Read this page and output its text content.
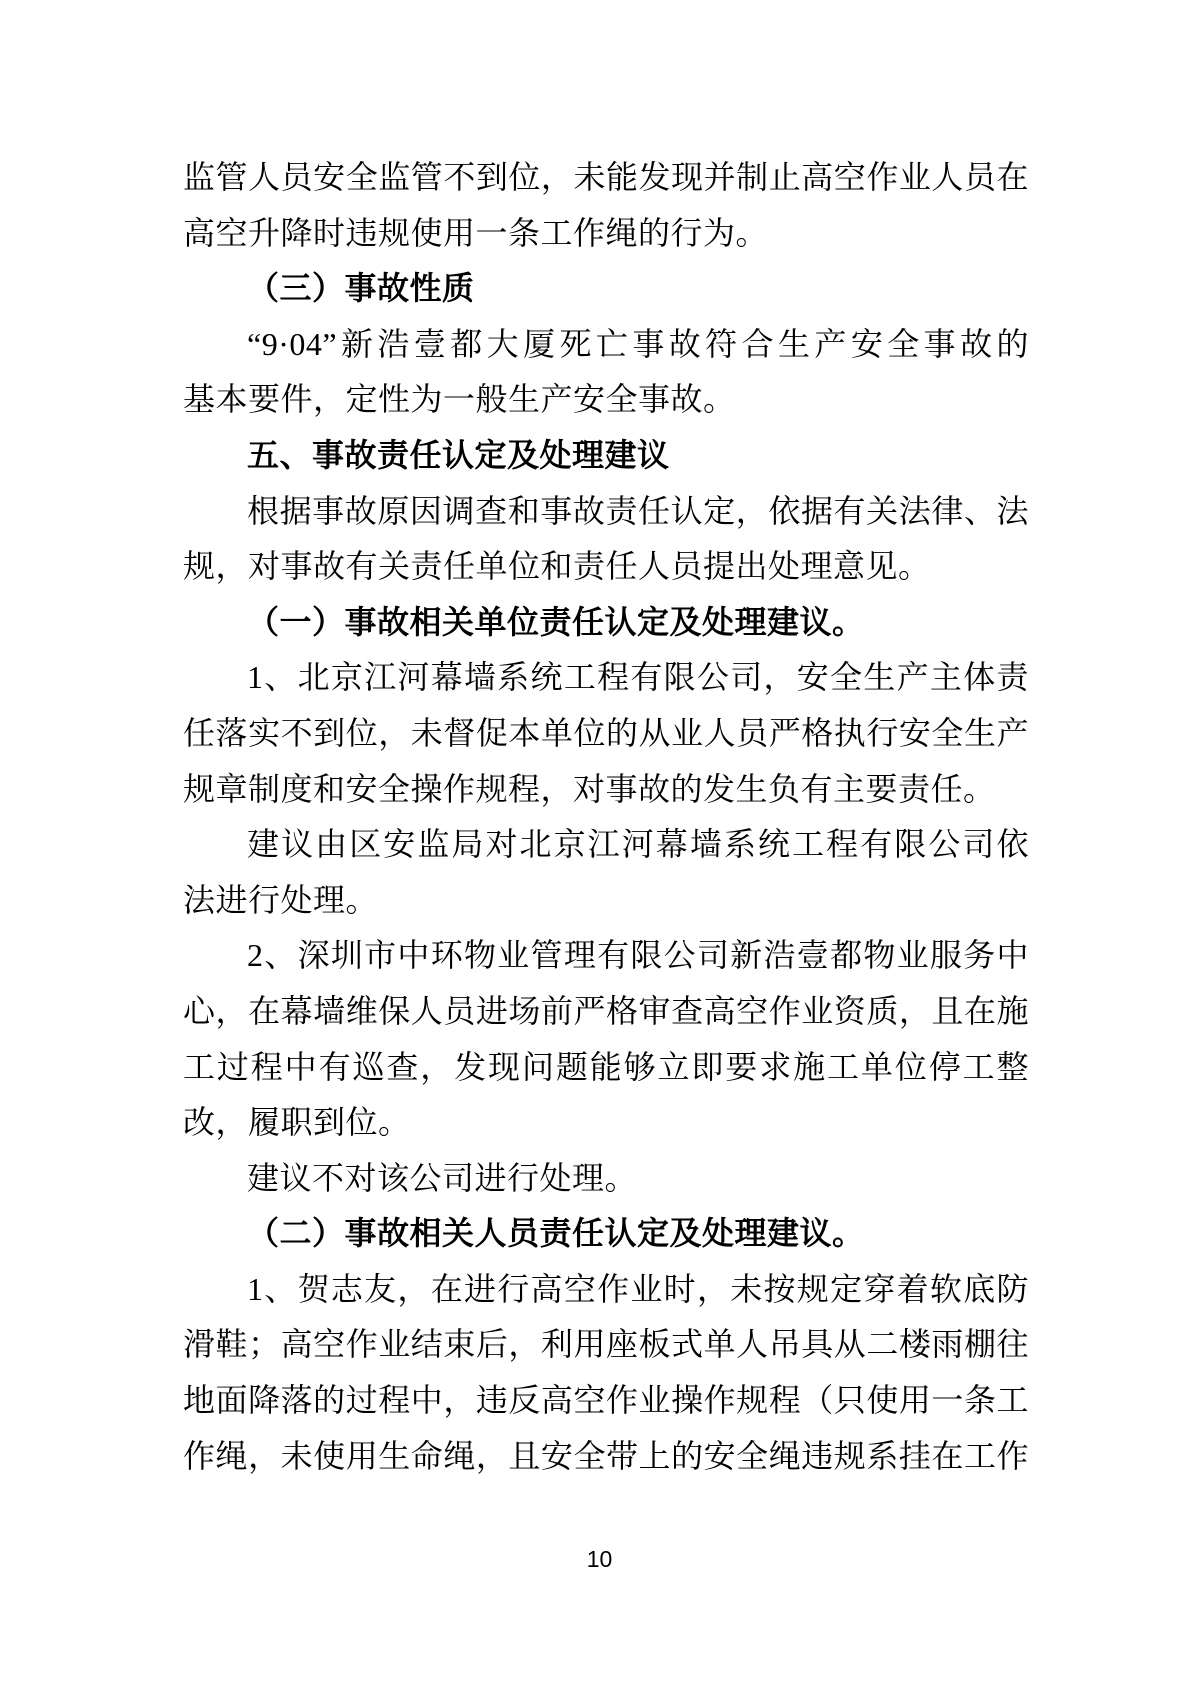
监管人员安全监管不到位，未能发现并制止高空作业人员在
高空升降时违规使用一条工作绳的行为。
（三）事故性质
“9·04”新浩壹都大厦死亡事故符合生产安全事故的
基本要件，定性为一般生产安全事故。
五、事故责任认定及处理建议
根据事故原因调查和事故责任认定，依据有关法律、法
规，对事故有关责任单位和责任人员提出处理意见。
（一）事故相关单位责任认定及处理建议。
1、北京江河幕墙系统工程有限公司，安全生产主体责
任落实不到位，未督促本单位的从业人员严格执行安全生产
规章制度和安全操作规程，对事故的发生负有主要责任。
建议由区安监局对北京江河幕墙系统工程有限公司依
法进行处理。
2、深圳市中环物业管理有限公司新浩壹都物业服务中
心，在幕墙维保人员进场前严格审查高空作业资质，且在施
工过程中有巡查，发现问题能够立即要求施工单位停工整
改，履职到位。
建议不对该公司进行处理。
（二）事故相关人员责任认定及处理建议。
1、贺志友，在进行高空作业时，未按规定穿着软底防
滑鞋；高空作业结束后，利用座板式单人吊具从二楼雨棚往
地面降落的过程中，违反高空作业操作规程（只使用一条工
作绳，未使用生命绳，且安全带上的安全绳违规系挂在工作
10
